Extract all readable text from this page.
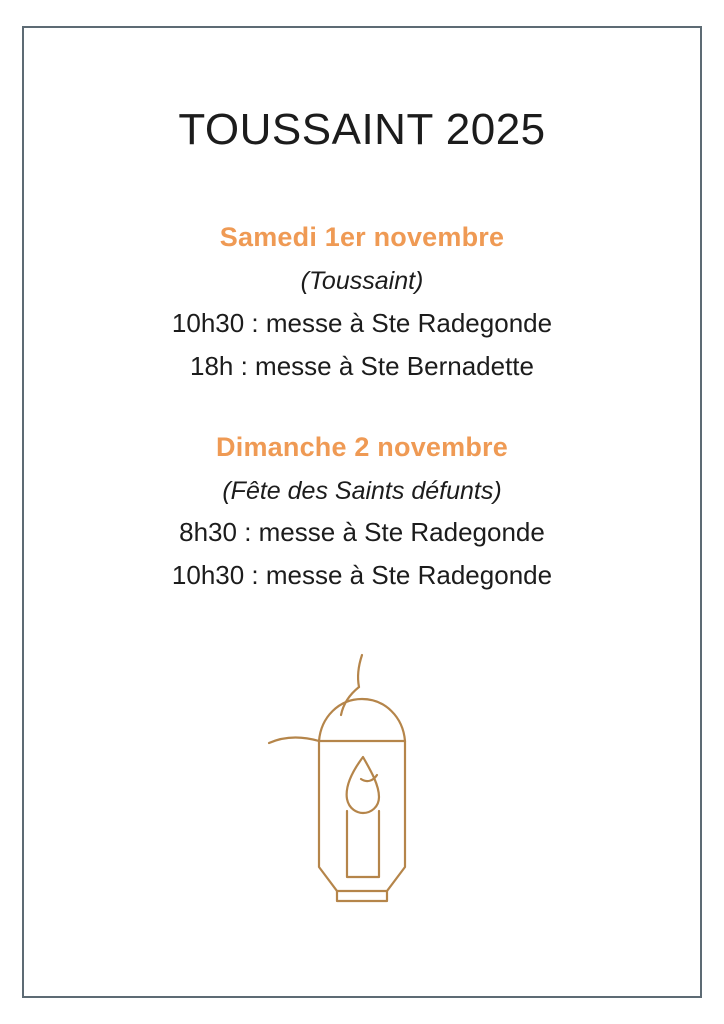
TOUSSAINT 2025
Samedi 1er novembre
(Toussaint)
10h30 : messe à Ste Radegonde
18h : messe à Ste Bernadette
Dimanche 2 novembre
(Fête des Saints défunts)
8h30 : messe à Ste Radegonde
10h30 : messe à Ste Radegonde
